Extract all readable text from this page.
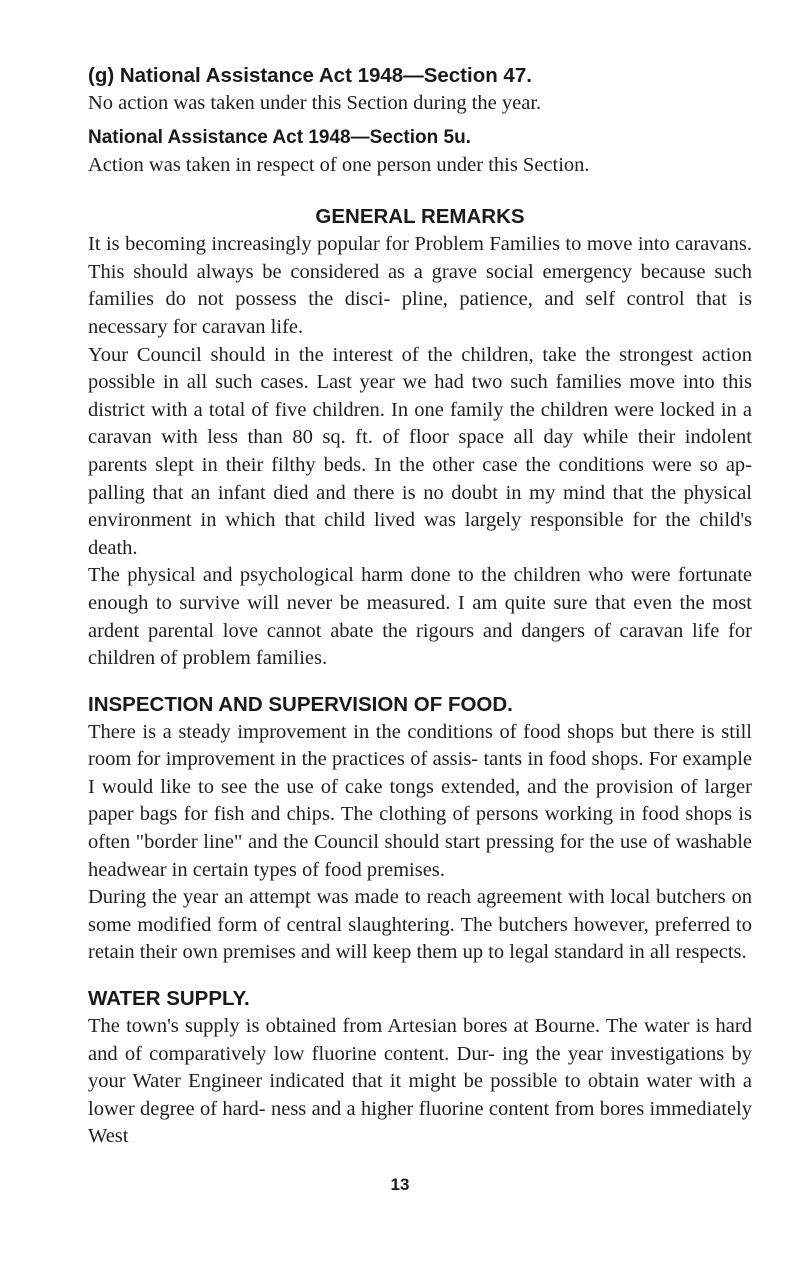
(g) National Assistance Act 1948—Section 47.

No action was taken under this Section during the year.

National Assistance Act 1948—Section 5u.

Action was taken in respect of one person under this Section.

GENERAL REMARKS

It is becoming increasingly popular for Problem Families to move into caravans. This should always be considered as a grave social emergency because such families do not possess the disci- pline, patience, and self control that is necessary for caravan life.

Your Council should in the interest of the children, take the strongest action possible in all such cases. Last year we had two such families move into this district with a total of five children. In one family the children were locked in a caravan with less than 80 sq. ft. of floor space all day while their indolent parents slept in their filthy beds. In the other case the conditions were so ap- palling that an infant died and there is no doubt in my mind that the physical environment in which that child lived was largely responsible for the child's death.

The physical and psychological harm done to the children who were fortunate enough to survive will never be measured. I am quite sure that even the most ardent parental love cannot abate the rigours and dangers of caravan life for children of problem families.

INSPECTION AND SUPERVISION OF FOOD.

There is a steady improvement in the conditions of food shops but there is still room for improvement in the practices of assis- tants in food shops. For example I would like to see the use of cake tongs extended, and the provision of larger paper bags for fish and chips. The clothing of persons working in food shops is often "border line" and the Council should start pressing for the use of washable headwear in certain types of food premises.

During the year an attempt was made to reach agreement with local butchers on some modified form of central slaughtering. The butchers however, preferred to retain their own premises and will keep them up to legal standard in all respects.

WATER SUPPLY.

The town's supply is obtained from Artesian bores at Bourne. The water is hard and of comparatively low fluorine content. Dur- ing the year investigations by your Water Engineer indicated that it might be possible to obtain water with a lower degree of hard- ness and a higher fluorine content from bores immediately West

13
